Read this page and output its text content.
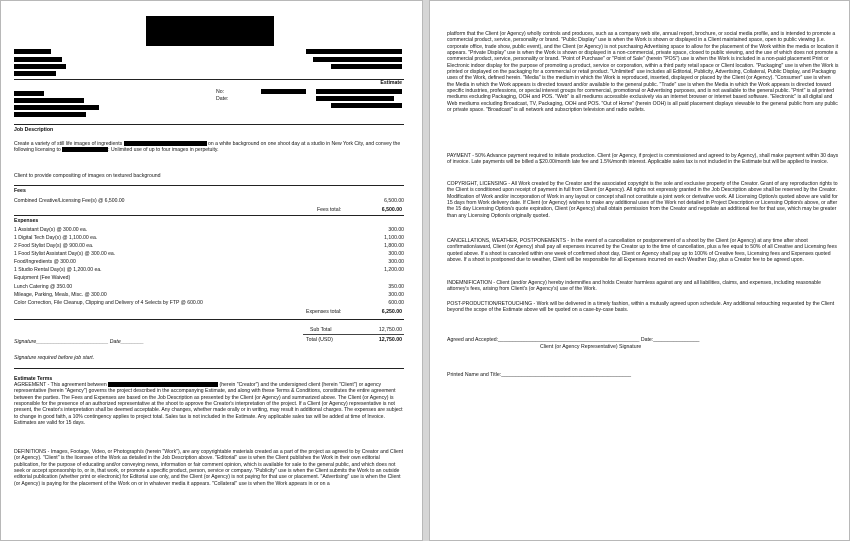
Estimate
No:
Date:
Job Description
Create a variety of still life images of ingredients	on a white background on one shoot day at a studio in New York City, and convey the following licensing to	: Unlimited use of up to four images in perpetuity.
Client to provide compositing of images on textured background
Fees
Combined Creative/Licensing Fee(s) @ 6,500.00	6,500.00
Fees total:	6,500.00
Expenses
1 Assistant Day(s) @ 300.00 ea.	300.00
1 Digital Tech Day(s) @ 1,100.00 ea.	1,100.00
2 Food Stylist Day(s) @ 900.00 ea.	1,800.00
1 Food Stylist Assistant Day(s) @ 300.00 ea.	300.00
Food/Ingredients @ 300.00	300.00
1 Studio Rental Day(s) @ 1,200.00 ea.	1,200.00
Equipment (Fee Waived)
Lunch Catering @ 350.00	350.00
Mileage, Parking, Meals, Misc. @ 300.00	300.00
Color Correction, File Cleanup, Clipping and Delivery of 4 Selects by FTP @ 600.00	600.00
Expenses total:	6,250.00
Sub Total	12,750.00
Total (USD)	12,750.00
Signature_________________________ Date________
Signature required before job start.
Estimate Terms
AGREEMENT - This agreement between	(herein "Creator") and the undersigned client (herein "Client") or agency representative (herein "Agency") governs the project described in the accompanying Estimate, and along with these Terms & Conditions, constitutes the entire agreement between the parties. The Fees and Expenses are based on the Job Description as presented by the Client (or Agency) and summarized above. The Client (or Agency) is responsible for the presence of an authorized representative at the shoot to approve the Creator's interpretation of the project. If a Client (or Agency) representative is not present, the Creator's interpretation shall be deemed acceptable. Any changes, whether made orally or in writing, may result in additional charges. The expenses are subject to change in good faith, a 10% contingency applies to project total. Sales tax is not included in the Estimate. Any applicable sales tax will be added at time of Invoice. Estimates are valid for 15 days.
DEFINITIONS - Images, Footage, Video, or Photograph/s (herein "Work"), are any copyrightable materials created as a part of the project as agreed to by Creator and Client (or Agency). "Client" is the licensee of the Work as detailed in the Job Description above. "Editorial" use is when the Client publishes the Work in their own editorial publication, for the purpose of educating and/or conveying news, information or fair comment opinion, which is available for sale to the general public, and which does not seek or accept sponsorship to, or in, that work, or promote a specific product, person, service or company. "Publicity" use is when the Client submits the Work to an outside editorial publication (whether print or electronic) for Editorial use only, and the Client (or Agency) is not paying for that use or placement. "Advertising" use is when the Client (or Agency) is paying for the placement of the Work on or in whatever media it appears. "Collateral" use is when the Work appears in or on a
platform that the Client (or Agency) wholly controls and produces, such as a company web site, annual report, brochure, or social media profile, and is intended to promote a commercial product, service, personality or brand. "Public Display" use is when the Work is shown or displayed in a Client maintained space, open to public viewing (i.e. corporate office, trade show, public event), and the Client (or Agency) is not purchasing Advertising space to allow for the placement of the Work within the media or location it appears. "Private Display" use is when the Work is shown or displayed in a non-commercial, private space, closed to public viewing, and the use of which does not promote a commercial product, service, personality or brand. "Point of Purchase" or "Point of Sale" (herein "POS") use is when the Work is included in a non-paid placement Print or Electronic indoor display for the purpose of promoting a product, service or corporation, within a third party retail space or Client location. "Packaging" use is when the Work is printed or displayed on the packaging for a commercial or retail product. "Unlimited" use includes all Editorial, Publicity, Advertising, Collateral, Public Display, and Packaging uses of the Work, defined herein. "Media" is the medium in which the Work is reproduced, inserted, displayed or placed by the Client (or Agency). "Consumer" use is when the Media in which the Work appears is directed toward and/or available to the general public. "Trade" use is when the Media in which the Work appears is directed toward specific industries, professions, or special interest groups for commercial, promotional or Advertising purposes, and is not available to the general public. "Print" is all printed mediums excluding Packaging, OOH and POS. "Web" is all mediums accessible exclusively via an internet browser or internet based software. "Electronic" is all digital and Web mediums excluding Broadcast, TV, Packaging, OOH and POS. "Out of Home" (herein OOH) is all paid placement displays viewable to the general public from any public or private space. "Broadcast" is all network and subscription television and radio outlets.
PAYMENT - 50% Advance payment required to initiate production. Client (or Agency, if project is commissioned and agreed to by Agency), shall make payment within 30 days of invoice. Late payments will be billed a $20.00/month late fee and 1.5%/month interest. Applicable sales tax is not included in the Estimate but will be applied to invoice.
COPYRIGHT, LICENSING - All Work created by the Creator and the associated copyright is the sole and exclusive property of the Creator. Grant of any reproduction rights to the Client is conditioned upon receipt of payment in full from Client (or Agency). All rights not expressly granted in the Job Description above shall be reserved by the Creator. Modification of Work and/or incorporation of Work in any layout or concept shall not constitute a joint work or derivative work. All Licensing Option/s quoted above are valid for 15 days from Work delivery date. If Client (or Agency) wishes to make any additional uses of the Work not detailed in Project Description or Licensing Option/s above, or after the 15 day Licensing Option/s quote expiration, Client (or Agency) shall obtain permission from the Creator and negotiate an additional fee for that use, which may be greater than any Licensing Option/s originally quoted.
CANCELLATIONS, WEATHER, POSTPONEMENTS - In the event of a cancellation or postponement of a shoot by the Client (or Agency) at any time after shoot confirmation/award, Client (or Agency) shall pay all expenses incurred by the Creator up to the time of cancellation, plus a fee equal to 50% of all Creative and Licensing fees quoted above. If a shoot is canceled within one week of confirmed shoot day, Client or Agency shall pay up to 100% of Creative fees, Licensing fees and Expenses quoted above. If a shoot is postponed due to weather, Client will be responsible for all Expenses incurred on each Weather Day, plus a Creator fee to be agreed upon.
INDEMNIFICATION - Client (and/or Agency) hereby indemnifies and holds Creator harmless against any and all liabilities, claims, and expenses, including reasonable attorney's fees, arising from Client's (or Agency's) use of the Work.
POST-PRODUCTION/RETOUCHING - Work will be delivered in a timely fashion, within a mutually agreed upon schedule. Any additional retouching requested by the Client beyond the scope of the Estimate above will be quoted on a case-by-case basis.
Agreed and Accepted:_________________________________________________ Date:________________
Client (or Agency Representative) Signature
Printed Name and Title:_____________________________________________
